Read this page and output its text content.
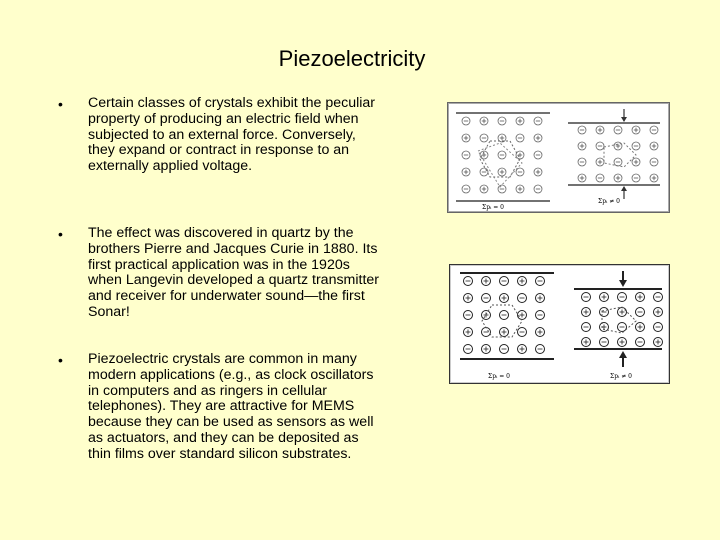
Piezoelectricity
•	Certain classes of crystals exhibit the peculiar property of producing an electric field when subjected to an external force. Conversely, they expand or contract in response to an externally applied voltage.
•	The effect was discovered in quartz by the brothers Pierre and Jacques Curie in 1880. Its first practical application was in the 1920s when Langevin developed a quartz transmitter and receiver for underwater sound—the first Sonar!
•	Piezoelectric crystals are common in many modern applications (e.g., as clock oscillators in computers and as ringers in cellular telephones). They are attractive for MEMS because they can be used as sensors as well as actuators, and they can be deposited as thin films over standard silicon substrates.
Σpᵢ = 0
Σpᵢ ≠ 0
Σpᵢ = 0	Σpᵢ ≠ 0
